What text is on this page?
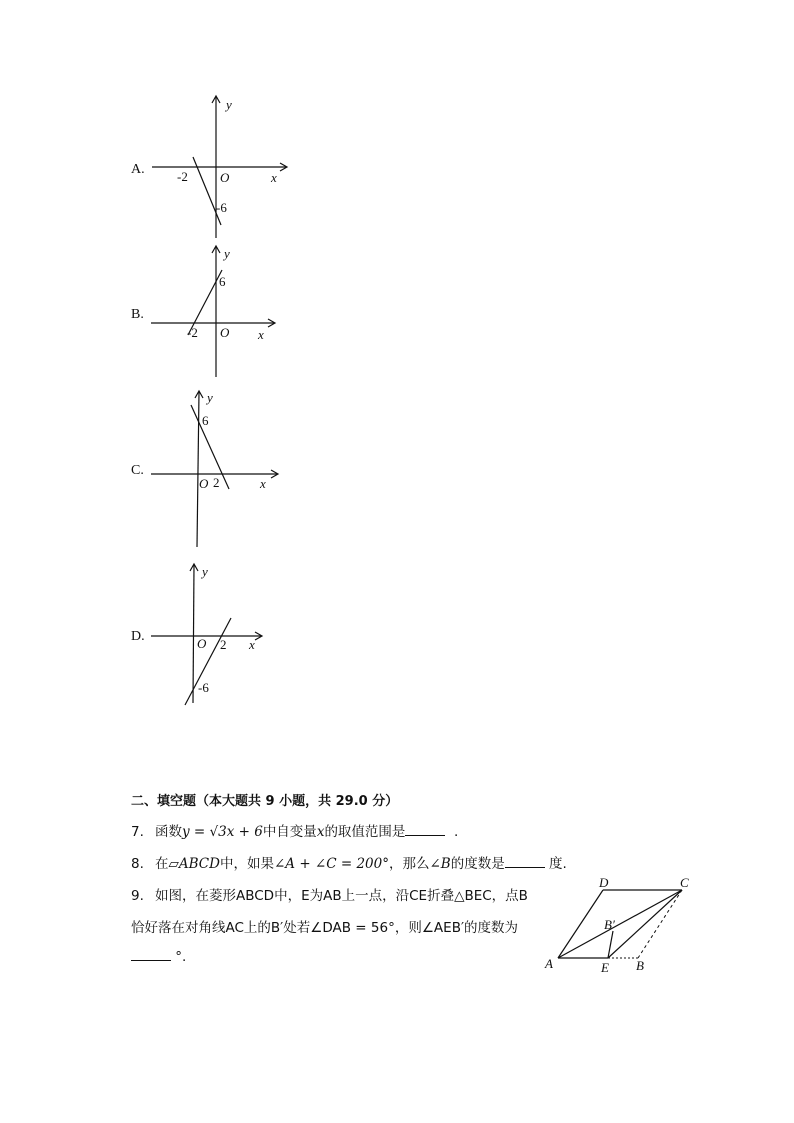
A.
y
x
O
-2
-6
B.
y
x
O
-2
6
C.
y
x
O 2
6
D.
y
x
O 2
-6
二、填空题（本大题共 9 小题，共 29.0 分）
7. 函数y = √3x + 6中自变量x的取值范围是	.
8. 在▱ABCD中，如果∠A + ∠C = 200°，那么∠B的度数是	度.
9. 如图，在菱形ABCD中，E为AB上一点，沿CE折叠△BEC，点B
恰好落在对角线AC上的B′处若∠DAB = 56°，则∠AEB′的度数为
°.	A
D	C
E B
B′
